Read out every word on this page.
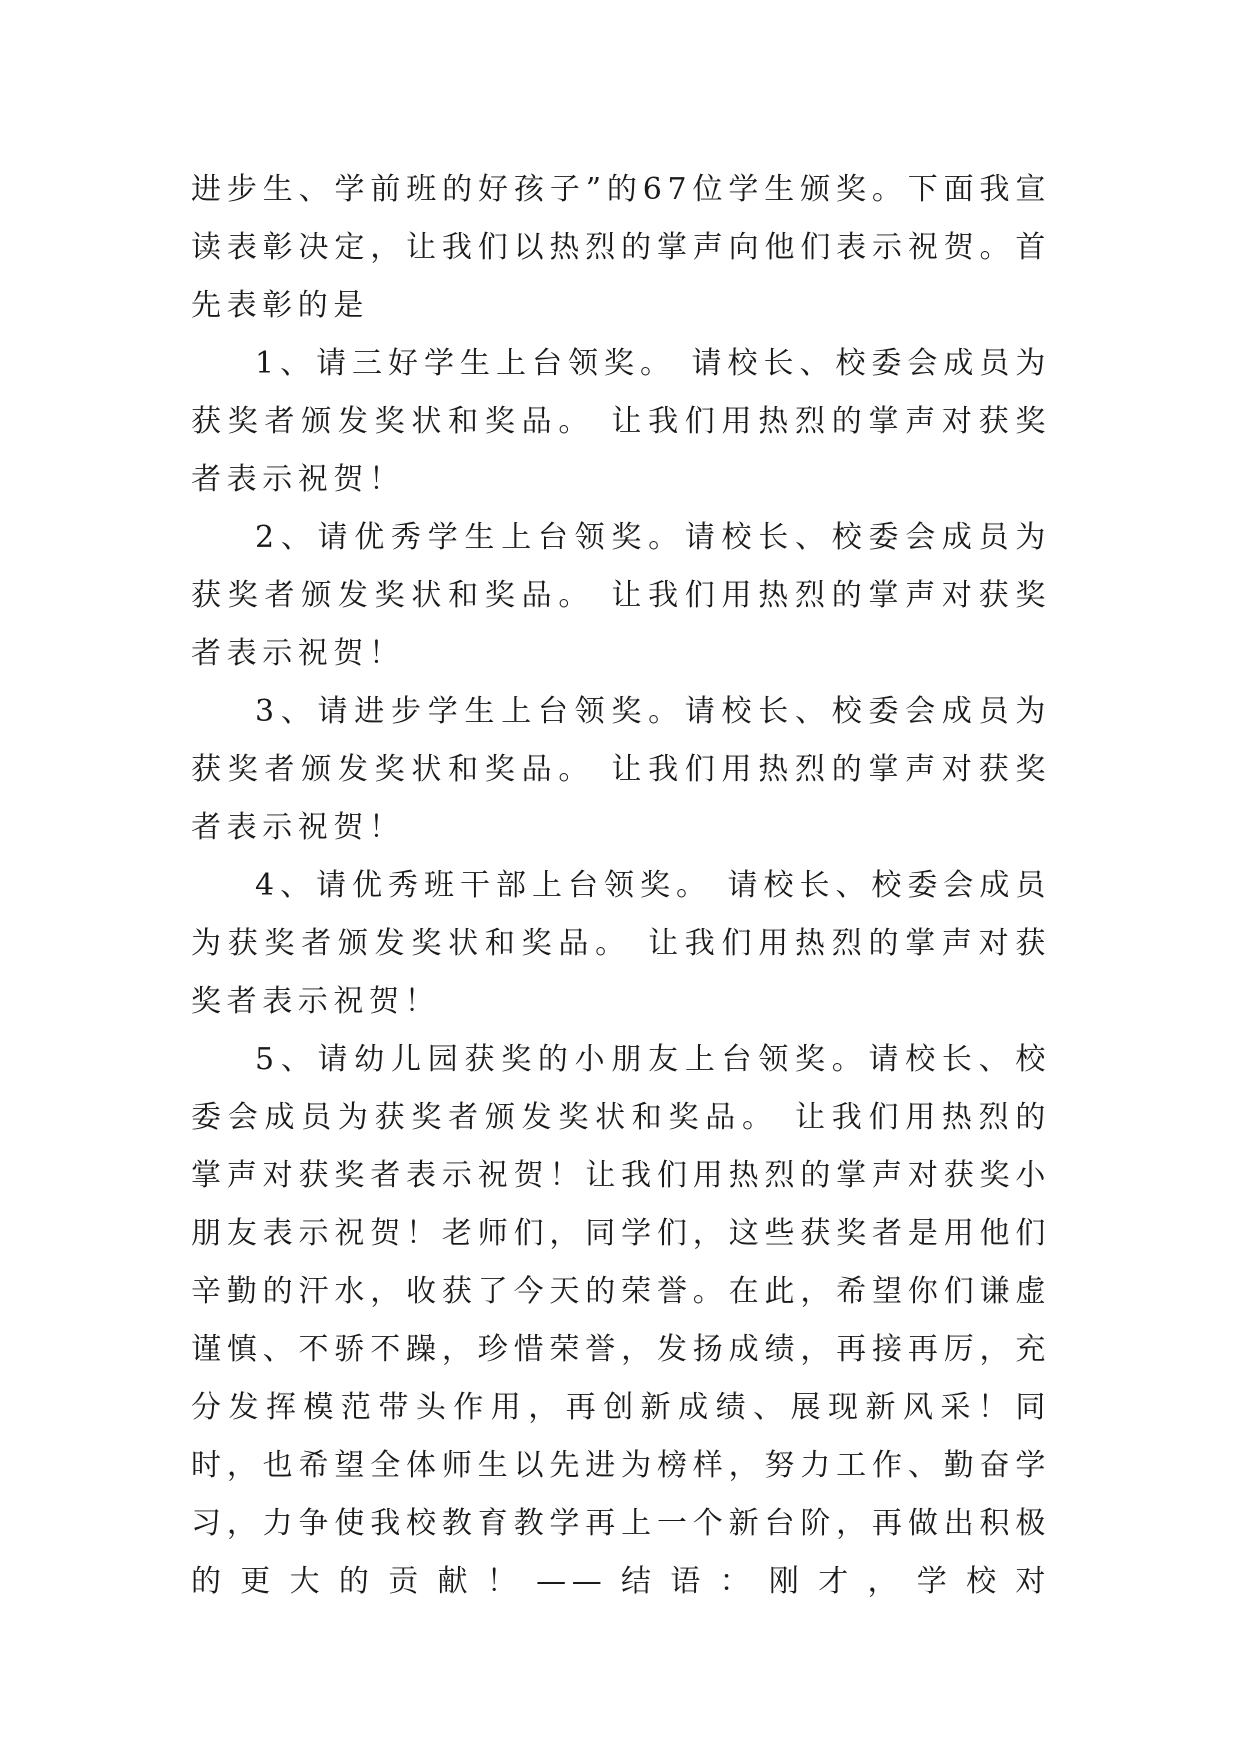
进步生、学前班的好孩子”的67位学生颁奖。下面我宣读表彰决定，让我们以热烈的掌声向他们表示祝贺。首先表彰的是

1、请三好学生上台领奖。 请校长、校委会成员为获奖者颁发奖状和奖品。 让我们用热烈的掌声对获奖者表示祝贺！

2、请优秀学生上台领奖。请校长、校委会成员为获奖者颁发奖状和奖品。 让我们用热烈的掌声对获奖者表示祝贺！

3、请进步学生上台领奖。请校长、校委会成员为获奖者颁发奖状和奖品。 让我们用热烈的掌声对获奖者表示祝贺！

4、请优秀班干部上台领奖。 请校长、校委会成员为获奖者颁发奖状和奖品。 让我们用热烈的掌声对获奖者表示祝贺！

5、请幼儿园获奖的小朋友上台领奖。请校长、校委会成员为获奖者颁发奖状和奖品。 让我们用热烈的掌声对获奖者表示祝贺！让我们用热烈的掌声对获奖小朋友表示祝贺！老师们，同学们，这些获奖者是用他们辛勤的汗水，收获了今天的荣誉。在此，希望你们谦虚谨慎、不骄不躁，珍惜荣誉，发扬成绩，再接再厉，充分发挥模范带头作用，再创新成绩、展现新风采！同时，也希望全体师生以先进为榜样，努力工作、勤奋学习，力争使我校教育教学再上一个新台阶，再做出积极的更大的贡献！——结语：刚才，学校对
